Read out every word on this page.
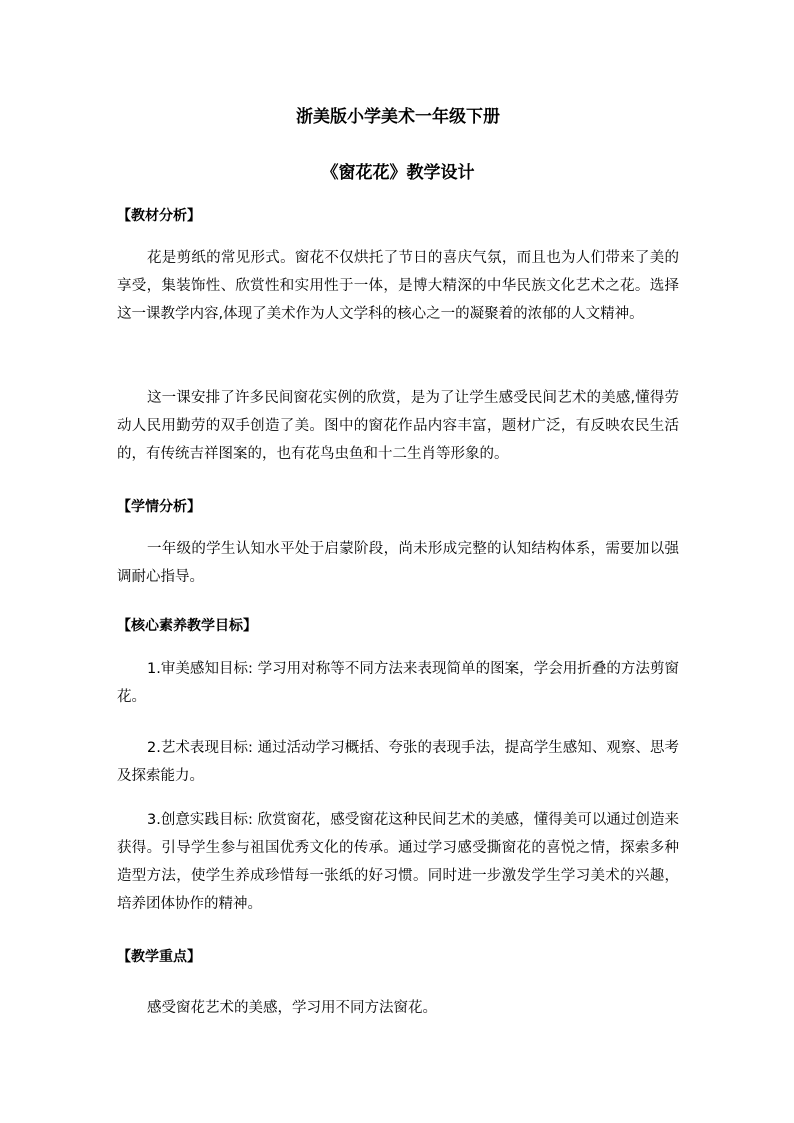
浙美版小学美术一年级下册
《窗花花》教学设计
【教材分析】

花是剪纸的常见形式。窗花不仅烘托了节日的喜庆气氛，而且也为人们带来了美的享受，集装饰性、欣赏性和实用性于一体，是博大精深的中华民族文化艺术之花。选择这一课教学内容,体现了美术作为人文学科的核心之一的凝聚着的浓郁的人文精神。

这一课安排了许多民间窗花实例的欣赏，是为了让学生感受民间艺术的美感,懂得劳动人民用勤劳的双手创造了美。图中的窗花作品内容丰富，题材广泛，有反映农民生活的，有传统吉祥图案的，也有花鸟虫鱼和十二生肖等形象的。

【学情分析】

一年级的学生认知水平处于启蒙阶段，尚未形成完整的认知结构体系，需要加以强调耐心指导。

【核心素养教学目标】

1.审美感知目标: 学习用对称等不同方法来表现简单的图案，学会用折叠的方法剪窗花。

2.艺术表现目标: 通过活动学习概括、夸张的表现手法，提高学生感知、观察、思考及探索能力。

3.创意实践目标: 欣赏窗花，感受窗花这种民间艺术的美感，懂得美可以通过创造来获得。引导学生参与祖国优秀文化的传承。通过学习感受撕窗花的喜悦之情，探索多种造型方法，使学生养成珍惜每一张纸的好习惯。同时进一步激发学生学习美术的兴趣，培养团体协作的精神。

【教学重点】

感受窗花艺术的美感，学习用不同方法窗花。
